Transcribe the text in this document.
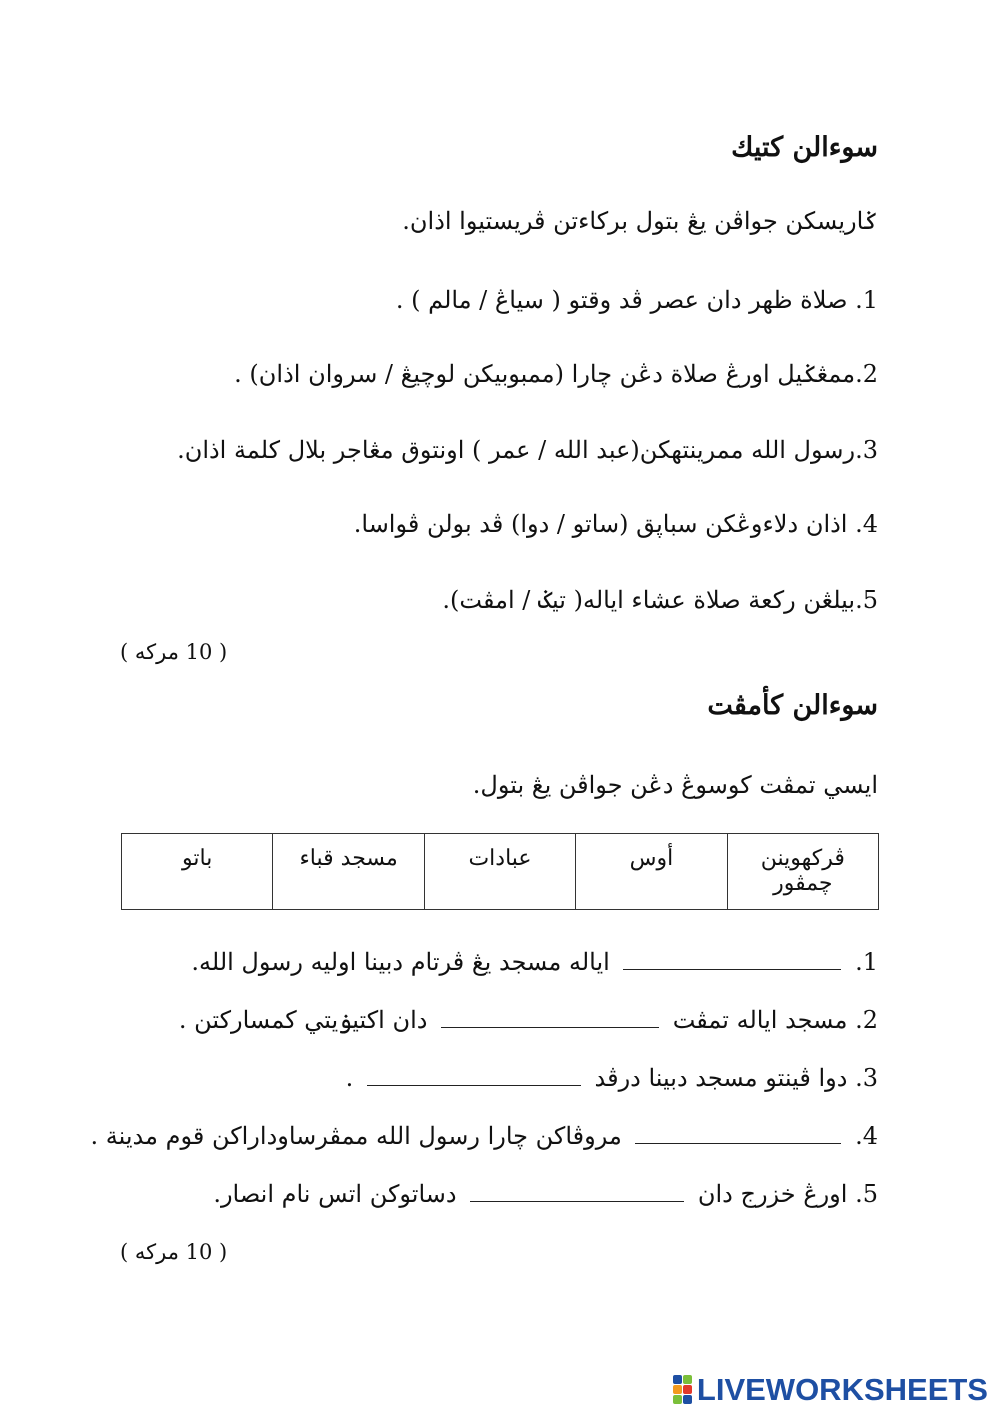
سوءالن كتيك
ݢاريسكن جواڤن يڠ بتول برکاءتن ڤريستيوا اذان.
1. صلاة ظهر دان عصر ڤد وقتو ( سياڠ / مالم ) .
2.ممڠݢيل اورڠ صلاة دڠن چارا (ممبوبيکن لوچيڠ / سروان اذان) .
3.رسول الله ممرينتهکن(عبد الله / عمر ) اونتوق مڠاجر بلال کلمة اذان.
4. اذان دلاءوڠکن سباڽق (ساتو / دوا) ڤد بولن ڤواسا.
5.بيلڠن رکعة صلاة عشاء اياله( تيݢ / امڤت).
( 10 مرکه )
سوءالن كأمڤت
ايسي تمڤت کوسوڠ دڠن جواڤن يڠ بتول.
ڤرکهوينن چمڤور	أوس	عبادات	مسجد قباء	باتو
1.  اياله مسجد يڠ ڤرتام دبينا اوليه رسول الله.
2. مسجد اياله تمڤت  دان اکتيۏيتي کمسارکتن .
3. دوا ڤينتو مسجد دبينا درڤد  .
4.  مروڤاکن چارا رسول الله ممڤرساوداراکن قوم مدينة .
5. اورڠ خزرج دان  دساتوکن اتس نام انصار.
( 10 مرکه )
LIVEWORKSHEETS
